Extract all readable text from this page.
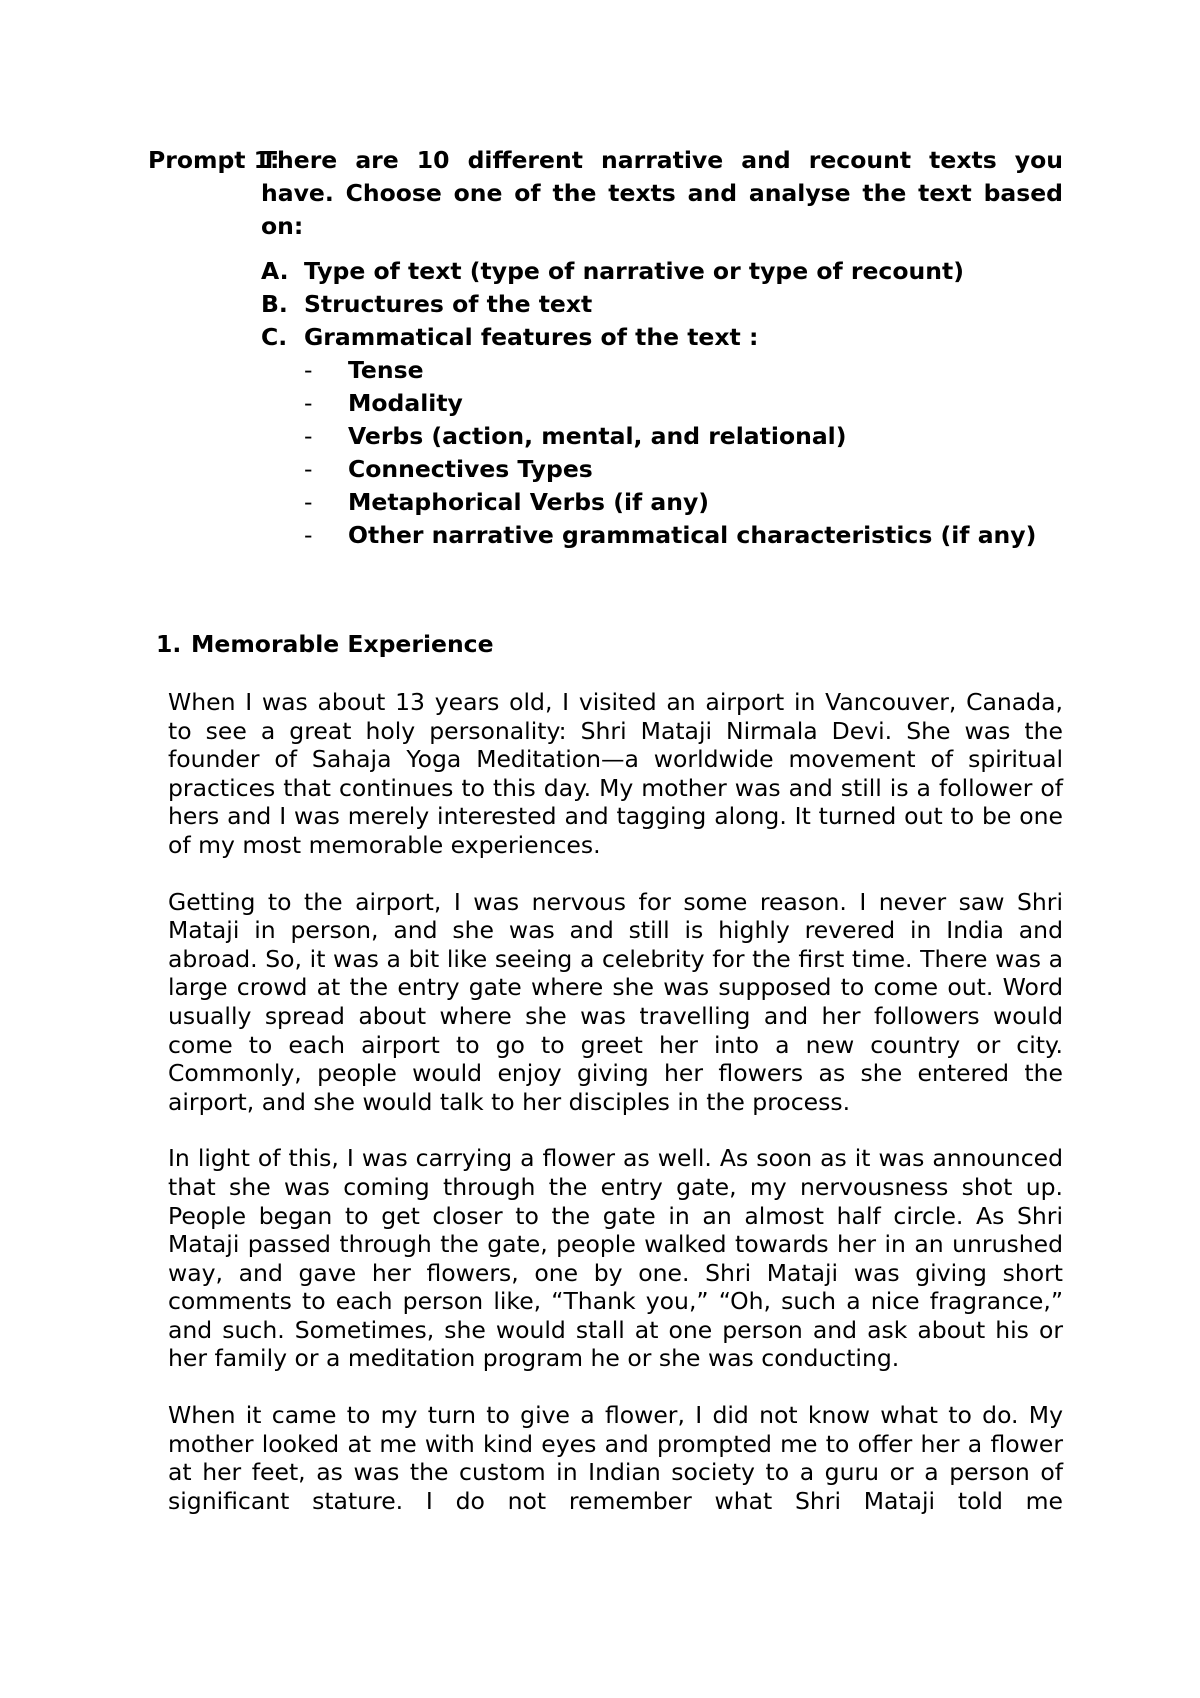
Prompt 1:
There are 10 different narrative and recount texts you have. Choose one of the texts and analyse the text based on:
A. Type of text (type of narrative or type of recount)
B. Structures of the text
C. Grammatical features of the text :
-	Tense
-	Modality
-	Verbs (action, mental, and relational)
-	Connectives Types
-	Metaphorical Verbs (if any)
-	Other narrative grammatical characteristics (if any)
1. Memorable Experience

When I was about 13 years old, I visited an airport in Vancouver, Canada, to see a great holy personality: Shri Mataji Nirmala Devi. She was the founder of Sahaja Yoga Meditation—a worldwide movement of spiritual practices that continues to this day. My mother was and still is a follower of hers and I was merely interested and tagging along. It turned out to be one of my most memorable experiences.

Getting to the airport, I was nervous for some reason. I never saw Shri Mataji in person, and she was and still is highly revered in India and abroad. So, it was a bit like seeing a celebrity for the first time. There was a large crowd at the entry gate where she was supposed to come out. Word usually spread about where she was travelling and her followers would come to each airport to go to greet her into a new country or city. Commonly, people would enjoy giving her flowers as she entered the airport, and she would talk to her disciples in the process.

In light of this, I was carrying a flower as well. As soon as it was announced that she was coming through the entry gate, my nervousness shot up. People began to get closer to the gate in an almost half circle. As Shri Mataji passed through the gate, people walked towards her in an unrushed way, and gave her flowers, one by one. Shri Mataji was giving short comments to each person like, “Thank you,” “Oh, such a nice fragrance,” and such. Sometimes, she would stall at one person and ask about his or her family or a meditation program he or she was conducting.

When it came to my turn to give a flower, I did not know what to do. My mother looked at me with kind eyes and prompted me to offer her a flower at her feet, as was the custom in Indian society to a guru or a person of significant stature. I do not remember what Shri Mataji told me
